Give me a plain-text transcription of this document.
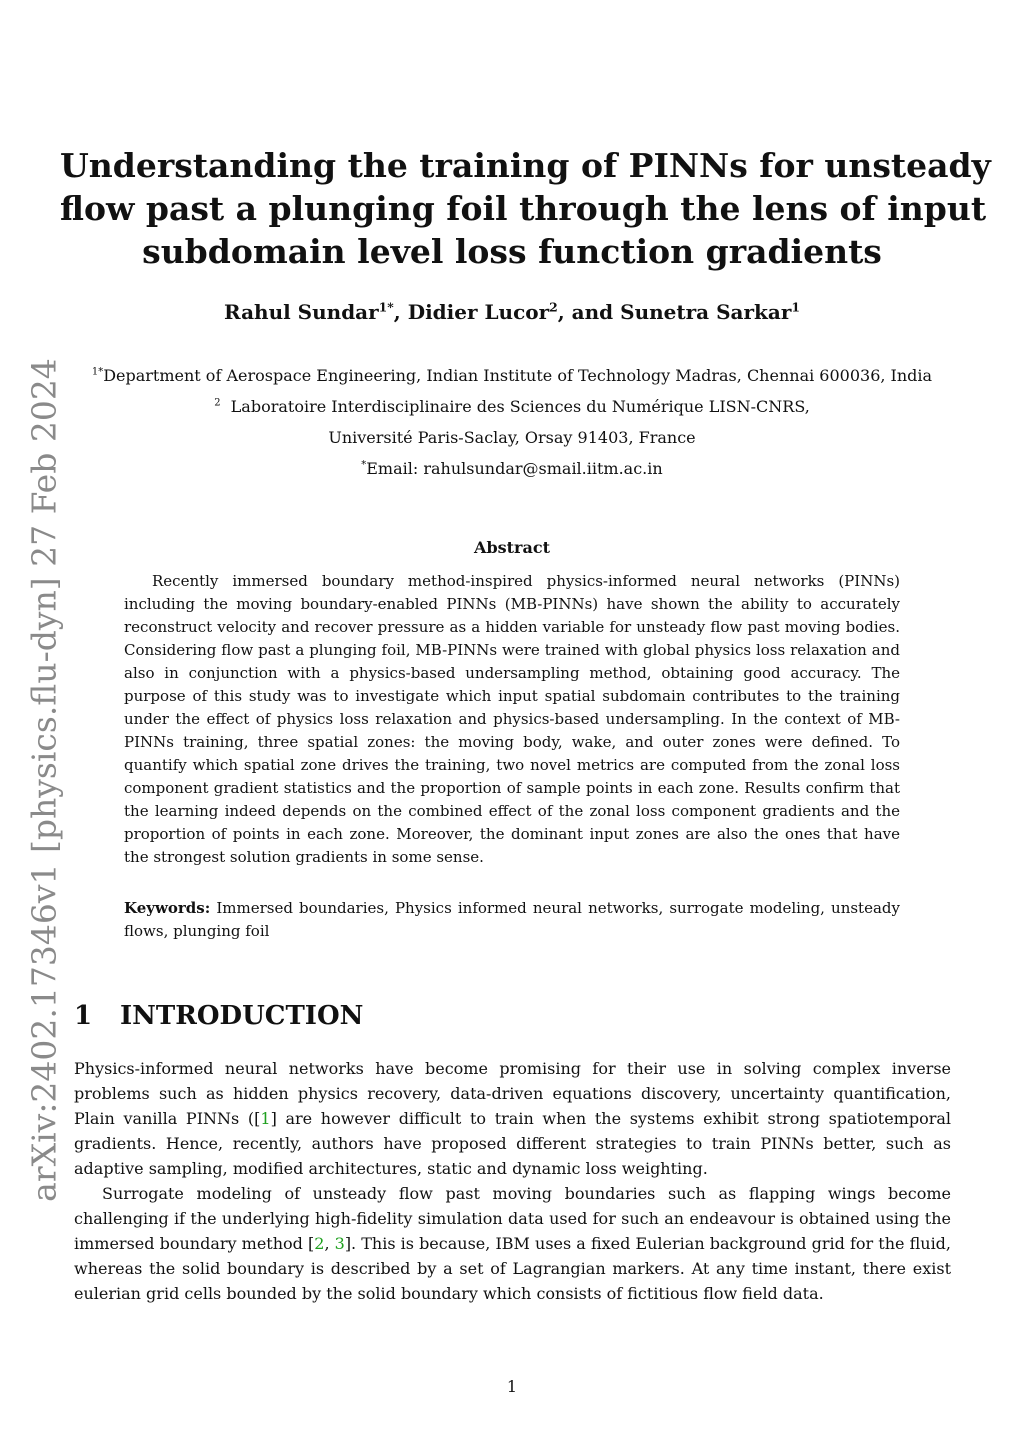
arXiv:2402.17346v1 [physics.flu-dyn] 27 Feb 2024
Understanding the training of PINNs for unsteady
flow past a plunging foil through the lens of input
subdomain level loss function gradients
Rahul Sundar$^{1*}$, Didier Lucor$^2$, and Sunetra Sarkar$^1$
$^{1*}$Department of Aerospace Engineering, Indian Institute of Technology Madras, Chennai 600036, India
$^2$ Laboratoire Interdisciplinaire des Sciences du Numérique LISN-CNRS,
Université Paris-Saclay, Orsay 91403, France
*Email: rahulsundar@smail.iitm.ac.in
Abstract

Recently immersed boundary method-inspired physics-informed neural networks (PINNs) including the moving boundary-enabled PINNs (MB-PINNs) have shown the ability to accurately reconstruct velocity and recover pressure as a hidden variable for unsteady flow past moving bodies. Considering flow past a plunging foil, MB-PINNs were trained with global physics loss relaxation and also in conjunction with a physics-based undersampling method, obtaining good accuracy. The purpose of this study was to investigate which input spatial subdomain contributes to the training under the effect of physics loss relaxation and physics-based undersampling. In the context of MB-PINNs training, three spatial zones: the moving body, wake, and outer zones were defined. To quantify which spatial zone drives the training, two novel metrics are computed from the zonal loss component gradient statistics and the proportion of sample points in each zone. Results confirm that the learning indeed depends on the combined effect of the zonal loss component gradients and the proportion of points in each zone. Moreover, the dominant input zones are also the ones that have the strongest solution gradients in some sense.

Keywords: Immersed boundaries, Physics informed neural networks, surrogate modeling, unsteady flows, plunging foil

1 INTRODUCTION

Physics-informed neural networks have become promising for their use in solving complex inverse problems such as hidden physics recovery, data-driven equations discovery, uncertainty quantification, Plain vanilla PINNs ([1] are however difficult to train when the systems exhibit strong spatiotemporal gradients. Hence, recently, authors have proposed different strategies to train PINNs better, such as adaptive sampling, modified architectures, static and dynamic loss weighting.

Surrogate modeling of unsteady flow past moving boundaries such as flapping wings become challenging if the underlying high-fidelity simulation data used for such an endeavour is obtained using the immersed boundary method [2, 3]. This is because, IBM uses a fixed Eulerian background grid for the fluid, whereas the solid boundary is described by a set of Lagrangian markers. At any time instant, there exist eulerian grid cells bounded by the solid boundary which consists of fictitious flow field data.

1
